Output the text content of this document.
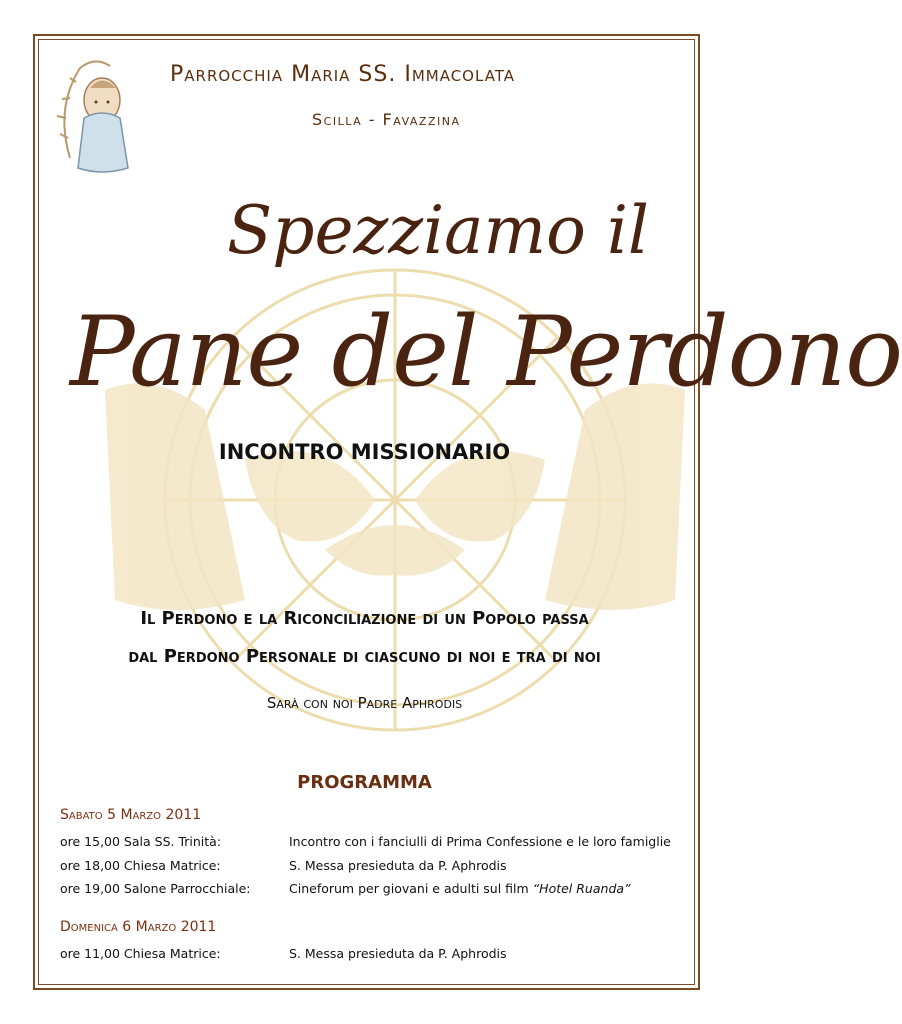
Parrocchia Maria SS. Immacolata
Scilla - Favazzina
Spezziamo il
Pane del Perdono
INCONTRO MISSIONARIO
Il Perdono e la Riconciliazione di un Popolo passa
dal Perdono Personale di ciascuno di noi e tra di noi
Sarà con noi Padre Aphrodis
PROGRAMMA
Sabato 5 Marzo 2011
ore 15,00 Sala SS. Trinità:	Incontro con i fanciulli di Prima Confessione e le loro famiglie
ore 18,00 Chiesa Matrice:	S. Messa presieduta da P. Aphrodis
ore 19,00 Salone Parrocchiale:	Cineforum per giovani e adulti sul film “Hotel Ruanda”
Domenica 6 Marzo 2011
ore 11,00 Chiesa Matrice:	S. Messa presieduta da P. Aphrodis
